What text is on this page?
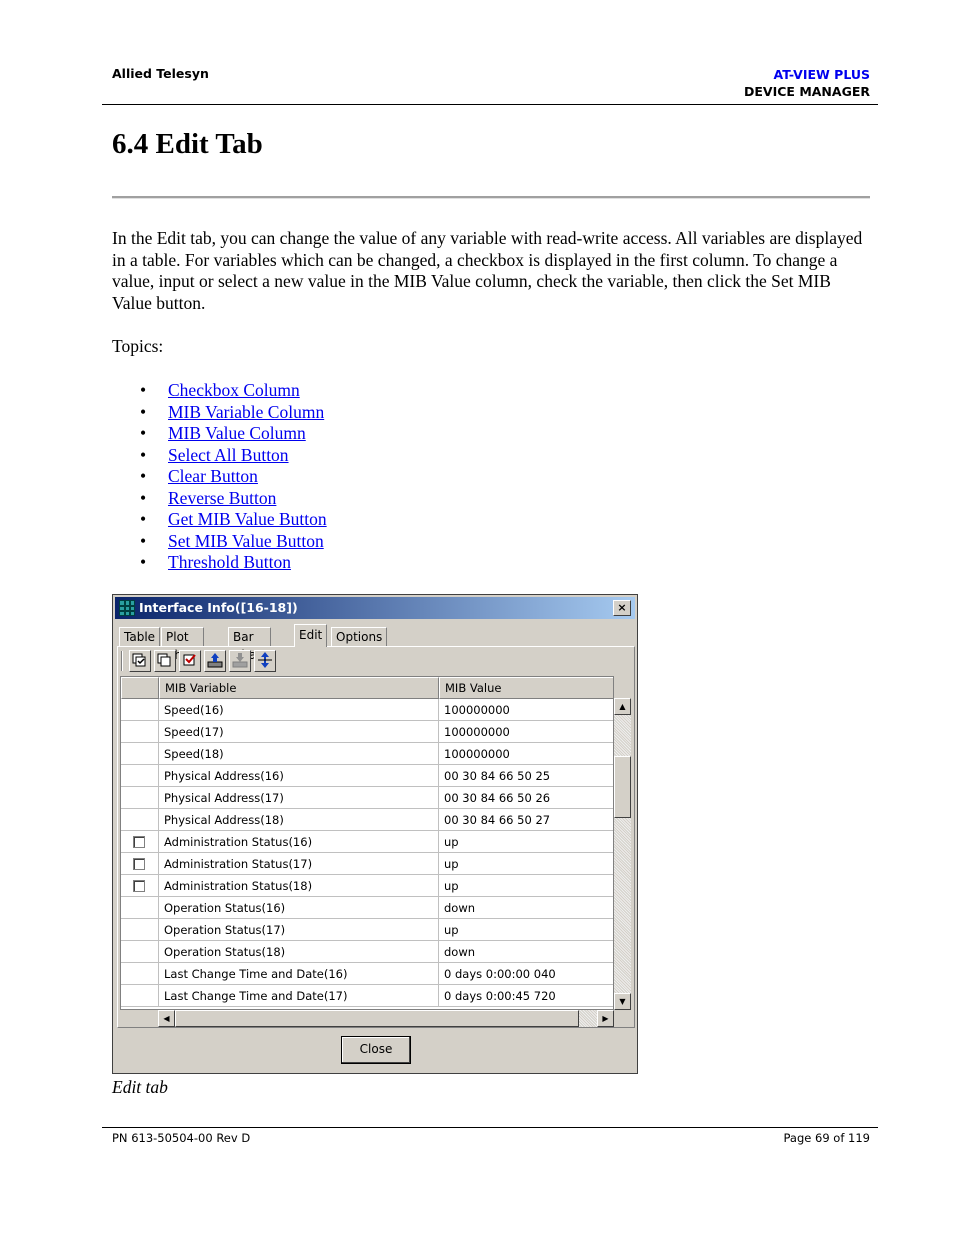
Allied Telesyn	AT-VIEW PLUS
DEVICE MANAGER
6.4 Edit Tab
In the Edit tab, you can change the value of any variable with read-write access. All variables are displayed in a table. For variables which can be changed, a checkbox is displayed in the first column. To change a value, input or select a new value in the MIB Value column, check the variable, then click the Set MIB Value button.
Topics:
• Checkbox Column
• MIB Variable Column
• MIB Value Column
• Select All Button
• Clear Button
• Reverse Button
• Get MIB Value Button
• Set MIB Value Button
• Threshold Button
Interface Info([16-18])	×
Table Plot	Bar	Edit	Options
MIB Variable	MIB Value
Speed(16)	100000000
Speed(17)	100000000
Speed(18)	100000000
Physical Address(16)	00 30 84 66 50 25
Physical Address(17)	00 30 84 66 50 26
Physical Address(18)	00 30 84 66 50 27
Administration Status(16)	up
Administration Status(17)	up
Administration Status(18)	up
Operation Status(16)	down
Operation Status(17)	up
Operation Status(18)	down
Last Change Time and Date(16)	0 days 0:00:00 040
Last Change Time and Date(17)	0 days 0:00:45 720
▲
▼
◀	▶
Close
Edit tab
PN 613-50504-00 Rev D	Page 69 of 119
